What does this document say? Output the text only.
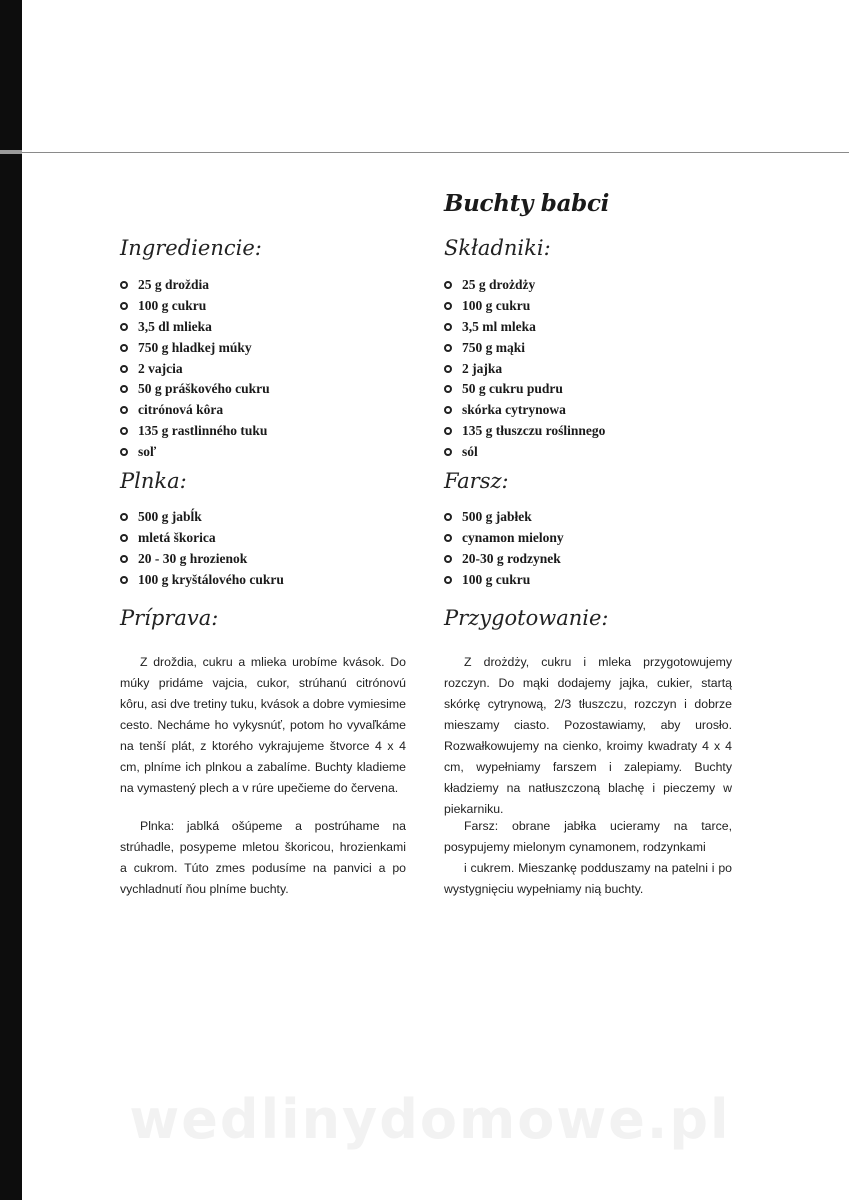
Buchty babci
Ingrediencie:
25 g droždia
100 g cukru
3,5 dl mlieka
750 g hladkej múky
2 vajcia
50 g práškového cukru
citrónová kôra
135 g rastlinného tuku
soľ
Plnka:
500 g jabĺk
mletá škorica
20 - 30 g hrozienok
100 g kryštálového cukru
Príprava:

Z droždia, cukru a mlieka urobíme kvások. Do múky pridáme vajcia, cukor, strúhanú citrónovú kôru, asi dve tretiny tuku, kvások a dobre vymiesime cesto. Necháme ho vykysnúť, potom ho vyvaľkáme na tenší plát, z ktorého vykrajujeme štvorce 4 x 4 cm, plníme ich plnkou a zabalíme. Buchty kladieme na vymastený plech a v rúre upečieme do červena.

Plnka: jablká ošúpeme a postrúhame na strúhadle, posypeme mletou škoricou, hrozienkami a cukrom. Túto zmes podusíme na panvici a po vychladnutí ňou plníme buchty.

Składniki:
25 g drożdży
100 g cukru
3,5 ml mleka
750 g mąki
2 jajka
50 g cukru pudru
skórka cytrynowa
135 g tłuszczu roślinnego
sól
Farsz:
500 g jabłek
cynamon mielony
20-30 g rodzynek
100 g cukru
Przygotowanie:

Z drożdży, cukru i mleka przygotowujemy rozczyn. Do mąki dodajemy jajka, cukier, startą skórkę cytrynową, 2/3 tłuszczu, rozczyn i dobrze mieszamy ciasto. Pozostawiamy, aby urosło. Rozwałkowujemy na cienko, kroimy kwadraty 4 x 4 cm, wypełniamy farszem i zalepiamy. Buchty kładziemy na natłuszczoną blachę i pieczemy w piekarniku.

Farsz: obrane jabłka ucieramy na tarce, posypujemy mielonym cynamonem, rodzynkami

i cukrem. Mieszankę podduszamy na patelni i po wystygnięciu wypełniamy nią buchty.

wedlinydomowe.pl
